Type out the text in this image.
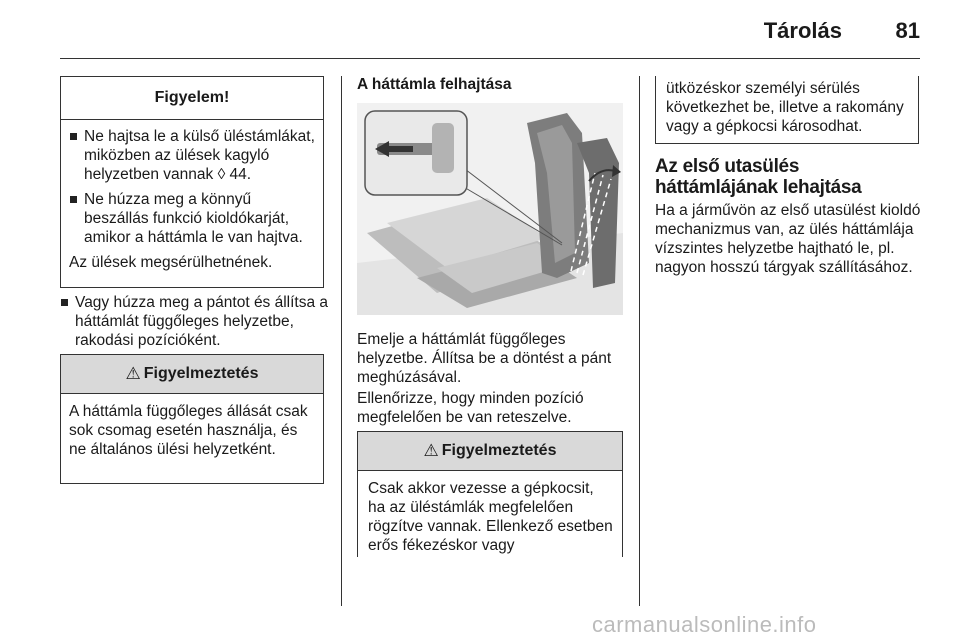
Tárolás 81
Figyelem!
Ne hajtsa le a külső üléstámlákat, miközben az ülések kagyló helyzetben vannak ◊ 44.
Ne húzza meg a könnyű beszállás funkció kioldókarját, amikor a háttámla le van hajtva.
Az ülések megsérülhetnének.
Vagy húzza meg a pántot és állítsa a háttámlát függőleges helyzetbe, rakodási pozícióként.
⚠ Figyelmeztetés
A háttámla függőleges állását csak sok csomag esetén használja, és ne általános ülési helyzetként.
A háttámla felhajtása
Emelje a háttámlát függőleges helyzetbe. Állítsa be a döntést a pánt meghúzásával.
Ellenőrizze, hogy minden pozíció megfelelően be van reteszelve.
⚠ Figyelmeztetés
Csak akkor vezesse a gépkocsit, ha az üléstámlák megfelelően rögzítve vannak. Ellenkező esetben erős fékezéskor vagy
ütközéskor személyi sérülés következhet be, illetve a rakomány vagy a gépkocsi károsodhat.
Az első utasülés háttámlájának lehajtása
Ha a járművön az első utasülést kioldó mechanizmus van, az ülés háttámlája vízszintes helyzetbe hajtható le, pl. nagyon hosszú tárgyak szállításához.
carmanualsonline.info
